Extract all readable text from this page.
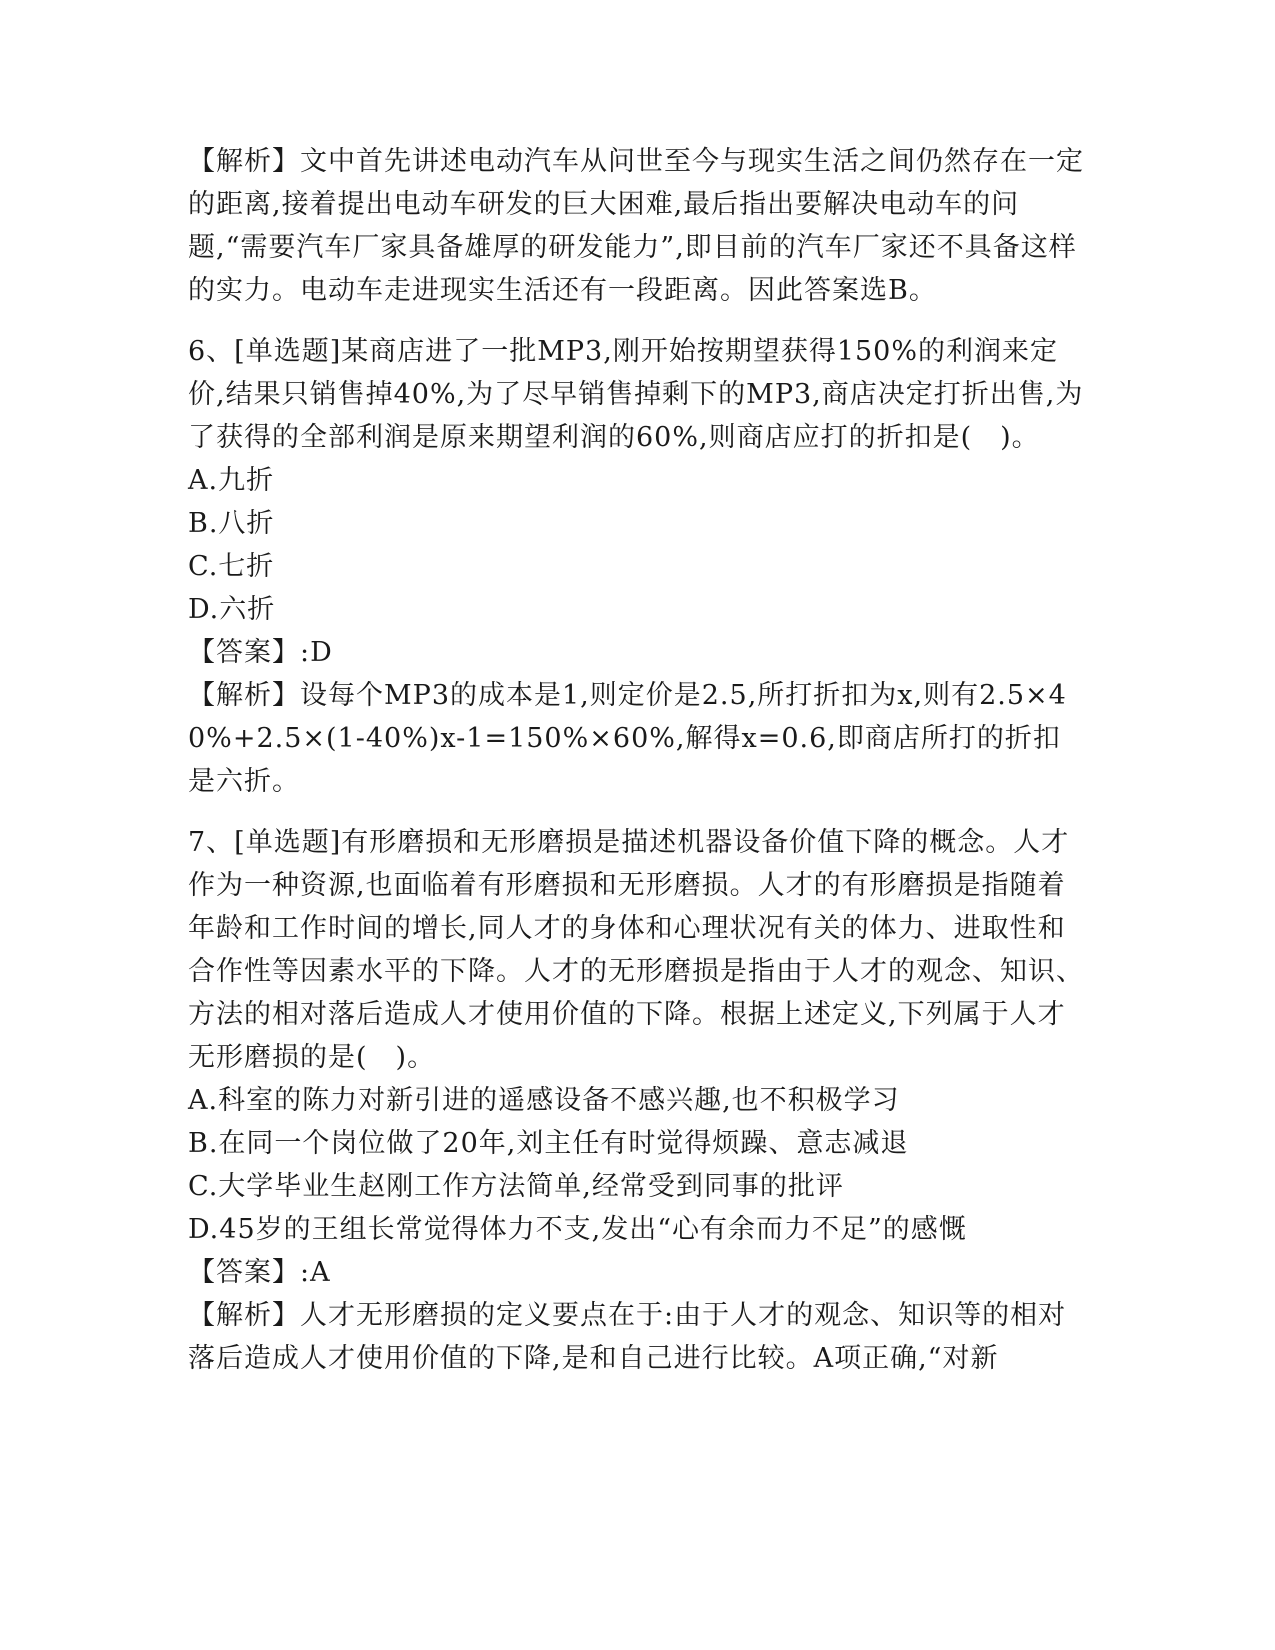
【解析】文中首先讲述电动汽车从问世至今与现实生活之间仍然存在一定的距离,接着提出电动车研发的巨大困难,最后指出要解决电动车的问题,“需要汽车厂家具备雄厚的研发能力”,即目前的汽车厂家还不具备这样的实力。电动车走进现实生活还有一段距离。因此答案选B。

6、[单选题]某商店进了一批MP3,刚开始按期望获得150%的利润来定价,结果只销售掉40%,为了尽早销售掉剩下的MP3,商店决定打折出售,为了获得的全部利润是原来期望利润的60%,则商店应打的折扣是(　)。

A.九折

B.八折

C.七折

D.六折

【答案】:D

【解析】设每个MP3的成本是1,则定价是2.5,所打折扣为x,则有2.5×40%+2.5×(1-40%)x-1=150%×60%,解得x=0.6,即商店所打的折扣是六折。

7、[单选题]有形磨损和无形磨损是描述机器设备价值下降的概念。人才作为一种资源,也面临着有形磨损和无形磨损。人才的有形磨损是指随着年龄和工作时间的增长,同人才的身体和心理状况有关的体力、进取性和合作性等因素水平的下降。人才的无形磨损是指由于人才的观念、知识、方法的相对落后造成人才使用价值的下降。根据上述定义,下列属于人才无形磨损的是(　)。

A.科室的陈力对新引进的遥感设备不感兴趣,也不积极学习

B.在同一个岗位做了20年,刘主任有时觉得烦躁、意志减退

C.大学毕业生赵刚工作方法简单,经常受到同事的批评

D.45岁的王组长常觉得体力不支,发出“心有余而力不足”的感慨

【答案】:A

【解析】人才无形磨损的定义要点在于:由于人才的观念、知识等的相对落后造成人才使用价值的下降,是和自己进行比较。A项正确,“对新
